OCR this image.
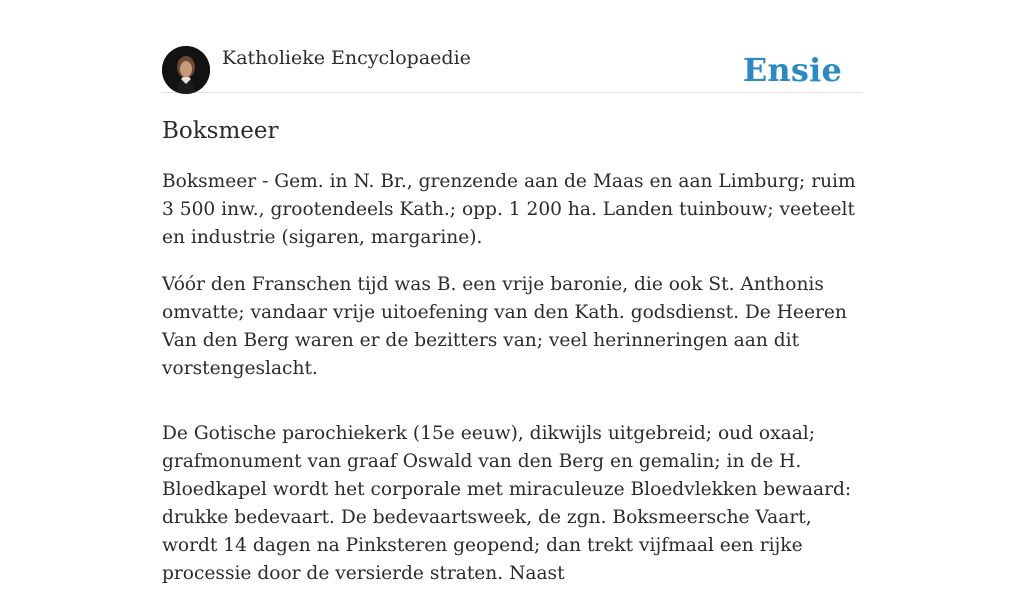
Katholieke Encyclopaedie	Ensie
Boksmeer

Boksmeer - Gem. in N. Br., grenzende aan de Maas en aan Limburg; ruim 3 500 inw., grootendeels Kath.; opp. 1 200 ha. Landen tuinbouw; veeteelt en industrie (sigaren, margarine).

Vóór den Franschen tijd was B. een vrije baronie, die ook St. Anthonis omvatte; vandaar vrije uitoefening van den Kath. godsdienst. De Heeren Van den Berg waren er de bezitters van; veel herinneringen aan dit vorstengeslacht.

De Gotische parochiekerk (15e eeuw), dikwijls uitgebreid; oud oxaal; grafmonument van graaf Oswald van den Berg en gemalin; in de H. Bloedkapel wordt het corporale met miraculeuze Bloedvlekken bewaard: drukke bedevaart. De bedevaartsweek, de zgn. Boksmeersche Vaart, wordt 14 dagen na Pinksteren geopend; dan trekt vijfmaal een rijke processie door de versierde straten. Naast
